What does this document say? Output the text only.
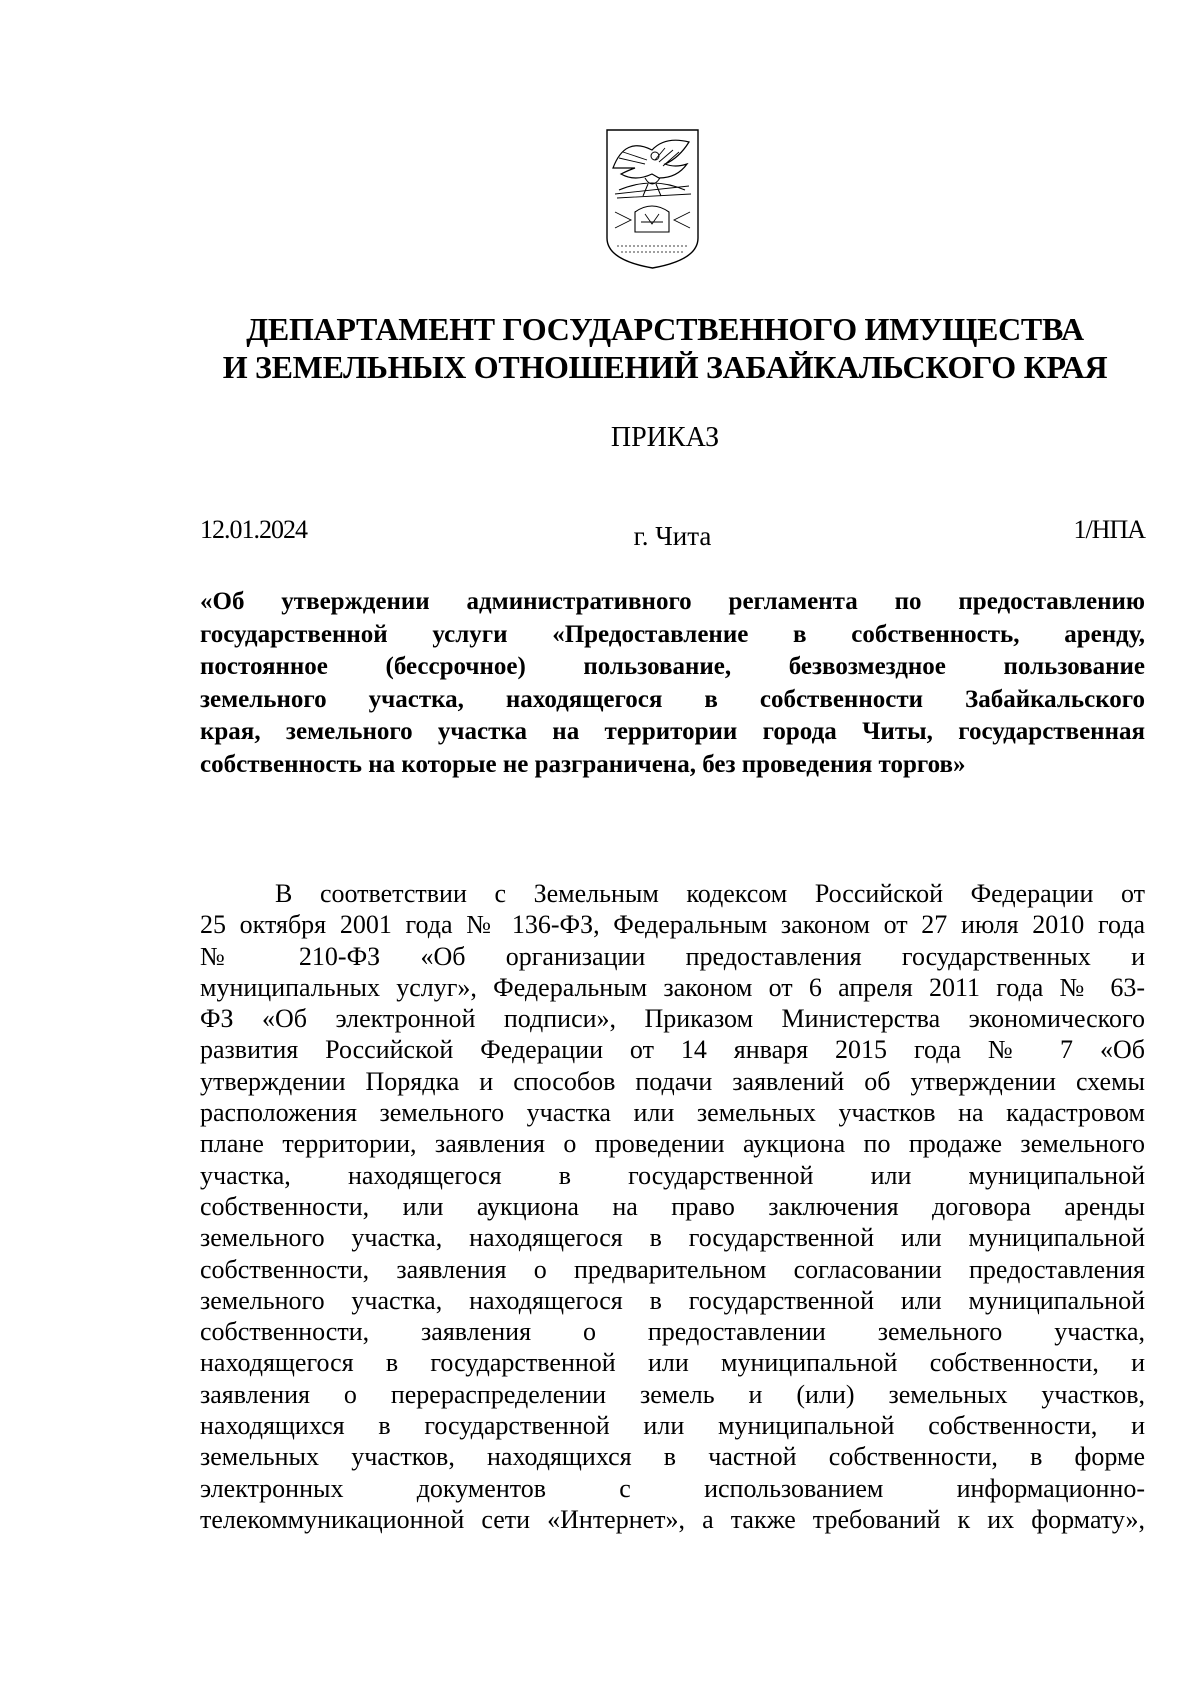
ДЕПАРТАМЕНТ ГОСУДАРСТВЕННОГО ИМУЩЕСТВА
И ЗЕМЕЛЬНЫХ ОТНОШЕНИЙ ЗАБАЙКАЛЬСКОГО КРАЯ
ПРИКАЗ
12.01.2024	г. Чита	1/НПА
«Об утверждении административного регламента по предоставлению
государственной услуги «Предоставление в собственность, аренду,
постоянное (бессрочное) пользование, безвозмездное пользование
земельного участка, находящегося в собственности Забайкальского
края, земельного участка на территории города Читы, государственная
собственность на которые не разграничена, без проведения торгов»
В соответствии с Земельным кодексом Российской Федерации от
25 октября 2001 года № 136-ФЗ, Федеральным законом от 27 июля 2010 года
№ 210-ФЗ «Об организации предоставления государственных и
муниципальных услуг», Федеральным законом от 6 апреля 2011 года № 63-
ФЗ «Об электронной подписи», Приказом Министерства экономического
развития Российской Федерации от 14 января 2015 года № 7 «Об
утверждении Порядка и способов подачи заявлений об утверждении схемы
расположения земельного участка или земельных участков на кадастровом
плане территории, заявления о проведении аукциона по продаже земельного
участка, находящегося в государственной или муниципальной
собственности, или аукциона на право заключения договора аренды
земельного участка, находящегося в государственной или муниципальной
собственности, заявления о предварительном согласовании предоставления
земельного участка, находящегося в государственной или муниципальной
собственности, заявления о предоставлении земельного участка,
находящегося в государственной или муниципальной собственности, и
заявления о перераспределении земель и (или) земельных участков,
находящихся в государственной или муниципальной собственности, и
земельных участков, находящихся в частной собственности, в форме
электронных документов с использованием информационно-
телекоммуникационной сети «Интернет», а также требований к их формату»,
